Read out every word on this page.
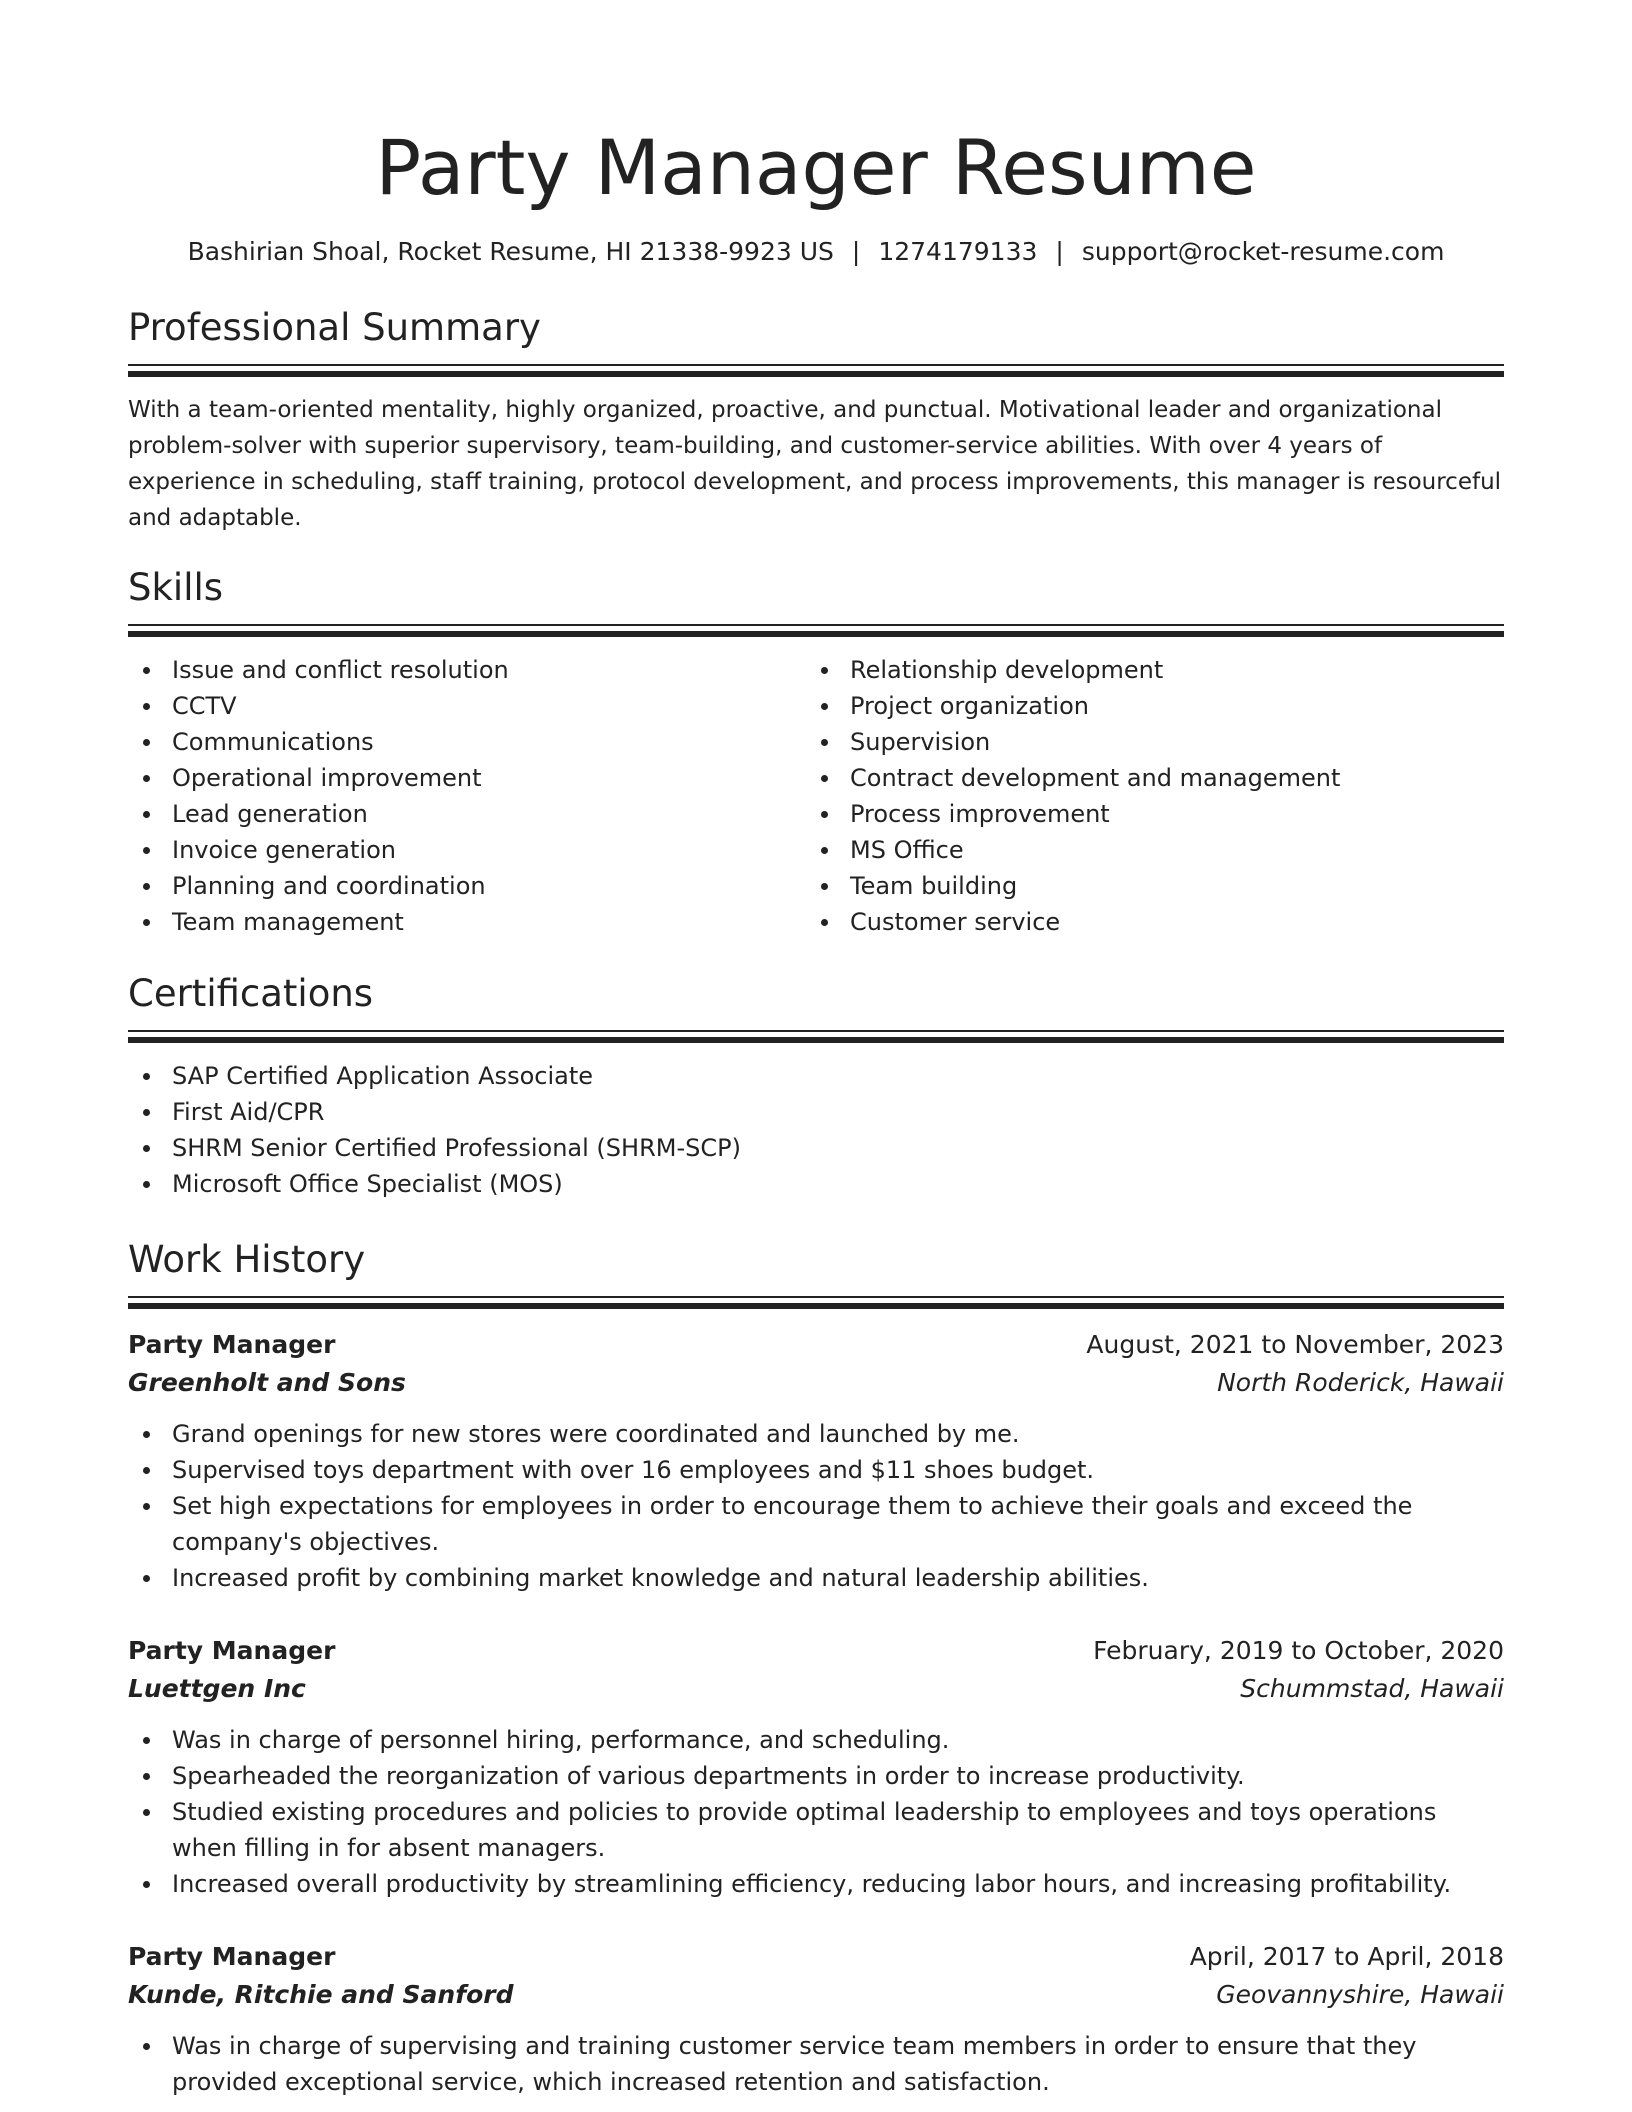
Party Manager Resume
Bashirian Shoal, Rocket Resume, HI 21338-9923 US | 1274179133 | support@rocket-resume.com
Professional Summary

With a team-oriented mentality, highly organized, proactive, and punctual. Motivational leader and organizational problem-solver with superior supervisory, team-building, and customer-service abilities. With over 4 years of experience in scheduling, staff training, protocol development, and process improvements, this manager is resourceful and adaptable.

Skills
Issue and conflict resolution
CCTV
Communications
Operational improvement
Lead generation
Invoice generation
Planning and coordination
Team management
Relationship development
Project organization
Supervision
Contract development and management
Process improvement
MS Office
Team building
Customer service
Certifications
SAP Certified Application Associate
First Aid/CPR
SHRM Senior Certified Professional (SHRM-SCP)
Microsoft Office Specialist (MOS)
Work History
Party Manager	August, 2021 to November, 2023
Greenholt and Sons	North Roderick, Hawaii
Grand openings for new stores were coordinated and launched by me.
Supervised toys department with over 16 employees and $11 shoes budget.
Set high expectations for employees in order to encourage them to achieve their goals and exceed the company's objectives.
Increased profit by combining market knowledge and natural leadership abilities.
Party Manager	February, 2019 to October, 2020
Luettgen Inc	Schummstad, Hawaii
Was in charge of personnel hiring, performance, and scheduling.
Spearheaded the reorganization of various departments in order to increase productivity.
Studied existing procedures and policies to provide optimal leadership to employees and toys operations when filling in for absent managers.
Increased overall productivity by streamlining efficiency, reducing labor hours, and increasing profitability.
Party Manager	April, 2017 to April, 2018
Kunde, Ritchie and Sanford	Geovannyshire, Hawaii
Was in charge of supervising and training customer service team members in order to ensure that they provided exceptional service, which increased retention and satisfaction.
